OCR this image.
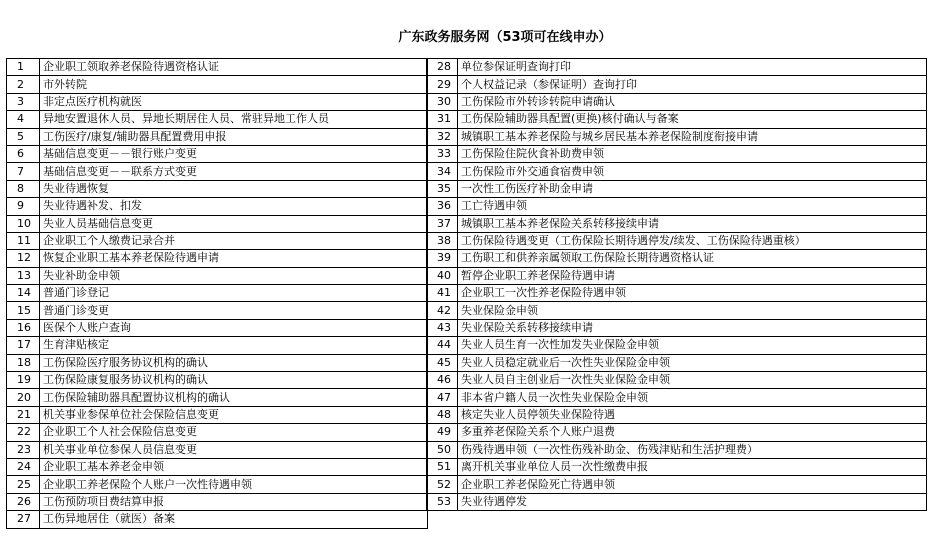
广东政务服务网（53项可在线申办）
1	企业职工领取养老保险待遇资格认证
2	市外转院
3	非定点医疗机构就医
4	异地安置退休人员、异地长期居住人员、常驻异地工作人员
5	工伤医疗/康复/辅助器具配置费用申报
6	基础信息变更－－银行账户变更
7	基础信息变更－－联系方式变更
8	失业待遇恢复
9	失业待遇补发、扣发
10	失业人员基础信息变更
11	企业职工个人缴费记录合并
12	恢复企业职工基本养老保险待遇申请
13	失业补助金申领
14	普通门诊登记
15	普通门诊变更
16	医保个人账户查询
17	生育津贴核定
18	工伤保险医疗服务协议机构的确认
19	工伤保险康复服务协议机构的确认
20	工伤保险辅助器具配置协议机构的确认
21	机关事业参保单位社会保险信息变更
22	企业职工个人社会保险信息变更
23	机关事业单位参保人员信息变更
24	企业职工基本养老金申领
25	企业职工养老保险个人账户一次性待遇申领
26	工伤预防项目费结算申报
27	工伤异地居住（就医）备案
28	单位参保证明查询打印
29	个人权益记录（参保证明）查询打印
30	工伤保险市外转诊转院申请确认
31	工伤保险辅助器具配置(更换)核付确认与备案
32	城镇职工基本养老保险与城乡居民基本养老保险制度衔接申请
33	工伤保险住院伙食补助费申领
34	工伤保险市外交通食宿费申领
35	一次性工伤医疗补助金申请
36	工亡待遇申领
37	城镇职工基本养老保险关系转移接续申请
38	工伤保险待遇变更（工伤保险长期待遇停发/续发、工伤保险待遇重核）
39	工伤职工和供养亲属领取工伤保险长期待遇资格认证
40	暂停企业职工养老保险待遇申请
41	企业职工一次性养老保险待遇申领
42	失业保险金申领
43	失业保险关系转移接续申请
44	失业人员生育一次性加发失业保险金申领
45	失业人员稳定就业后一次性失业保险金申领
46	失业人员自主创业后一次性失业保险金申领
47	非本省户籍人员一次性失业保险金申领
48	核定失业人员停领失业保险待遇
49	多重养老保险关系个人账户退费
50	伤残待遇申领（一次性伤残补助金、伤残津贴和生活护理费）
51	离开机关事业单位人员一次性缴费申报
52	企业职工养老保险死亡待遇申领
53	失业待遇停发
